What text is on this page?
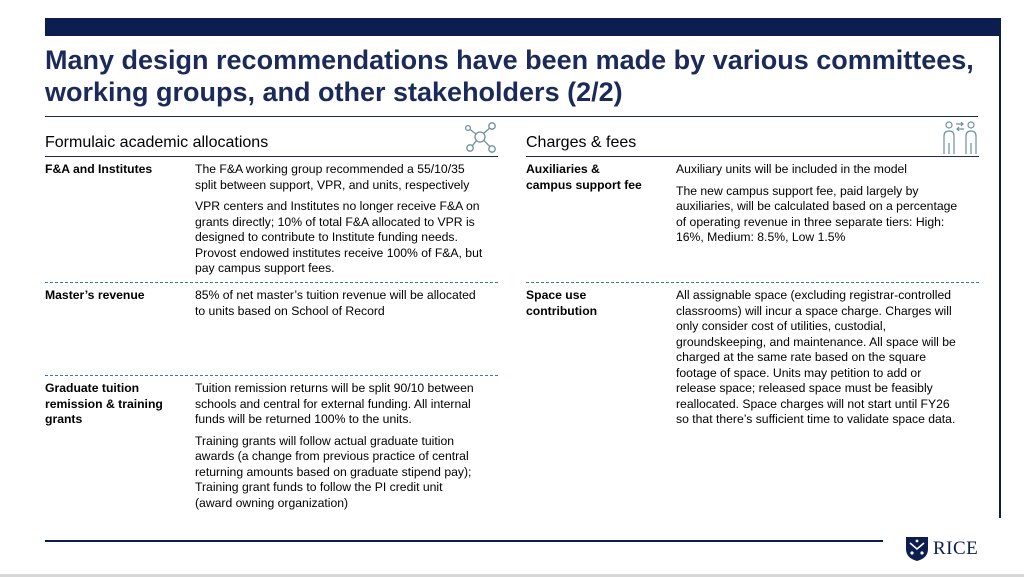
Many design recommendations have been made by various committees,
working groups, and other stakeholders (2/2)
Formulaic academic allocations
F&A and Institutes	The F&A working group recommended a 55/10/35
split between support, VPR, and units, respectively

VPR centers and Institutes no longer receive F&A on
grants directly; 10% of total F&A allocated to VPR is
designed to contribute to Institute funding needs.
Provost endowed institutes receive 100% of F&A, but
pay campus support fees.

Master’s revenue	85% of net master’s tuition revenue will be allocated
to units based on School of Record

Graduate tuition
remission & training
grants

Tuition remission returns will be split 90/10 between
schools and central for external funding. All internal
funds will be returned 100% to the units.

Training grants will follow actual graduate tuition
awards (a change from previous practice of central
returning amounts based on graduate stipend pay);
Training grant funds to follow the PI credit unit
(award owning organization)

Charges & fees
Auxiliaries &
campus support fee

Auxiliary units will be included in the model

The new campus support fee, paid largely by
auxiliaries, will be calculated based on a percentage
of operating revenue in three separate tiers: High:
16%, Medium: 8.5%, Low 1.5%

Space use
contribution

All assignable space (excluding registrar-controlled
classrooms) will incur a space charge. Charges will
only consider cost of utilities, custodial,
groundskeeping, and maintenance. All space will be
charged at the same rate based on the square
footage of space. Units may petition to add or
release space; released space must be feasibly
reallocated. Space charges will not start until FY26
so that there’s sufficient time to validate space data.

RICE
